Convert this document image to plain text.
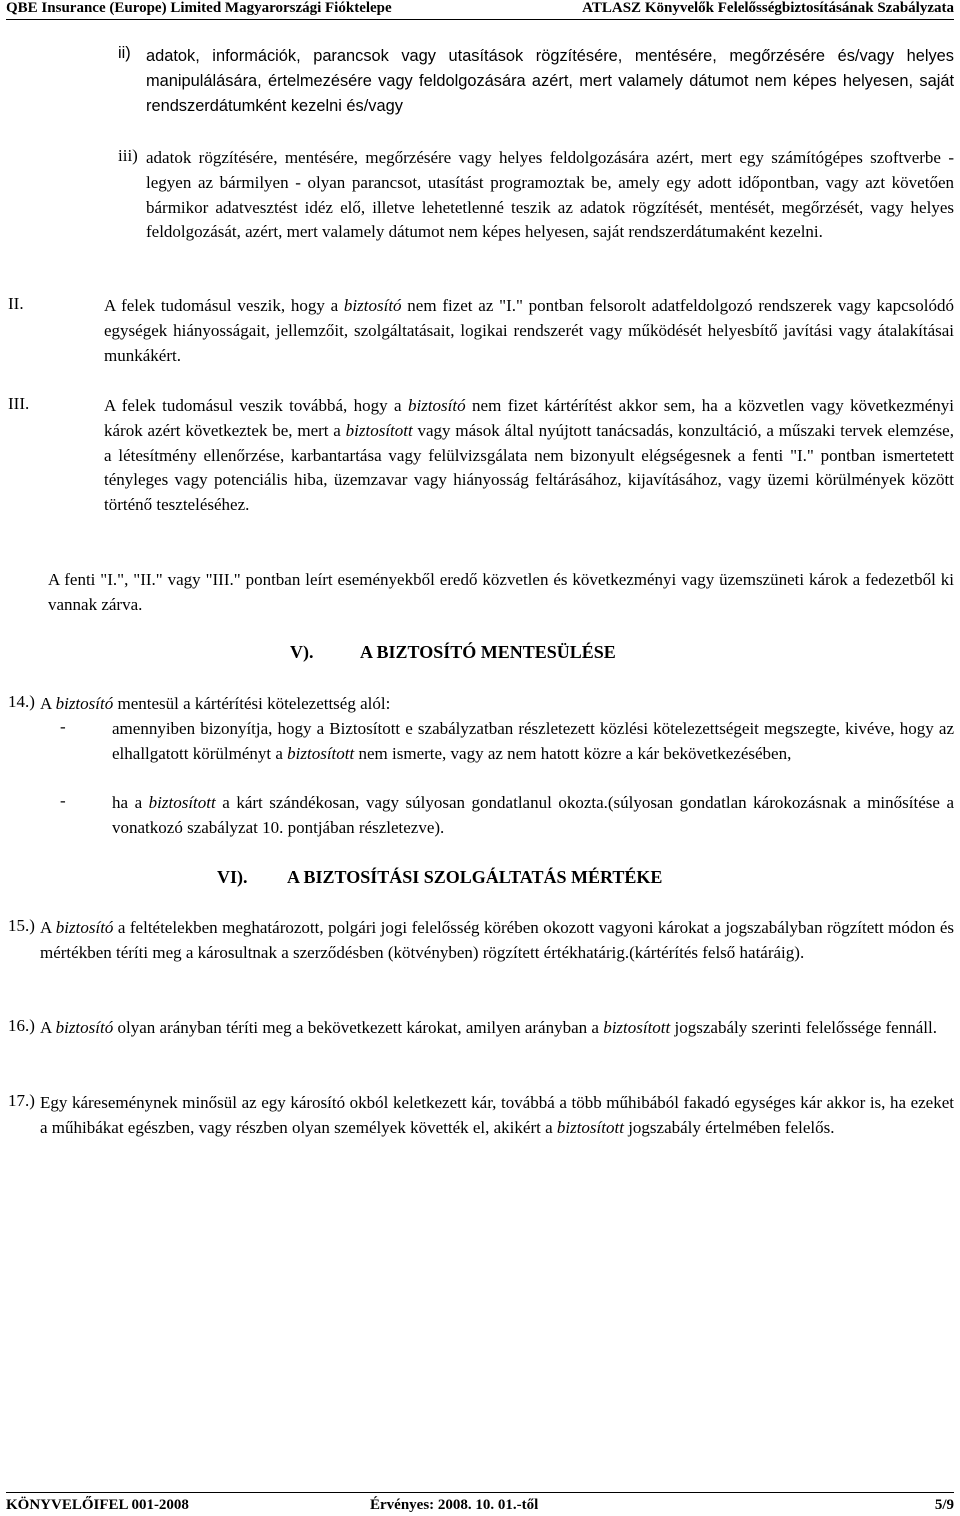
QBE Insurance (Europe) Limited Magyarországi Fióktelepe	ATLASZ Könyvelők Felelősségbiztosításának Szabályzata
ii) adatok, információk, parancsok vagy utasítások rögzítésére, mentésére, megőrzésére és/vagy helyes manipulálására, értelmezésére vagy feldolgozására azért, mert valamely dátumot nem képes helyesen, saját rendszerdátumként kezelni és/vagy
iii) adatok rögzítésére, mentésére, megőrzésére vagy helyes feldolgozására azért, mert egy számítógépes szoftverbe - legyen az bármilyen - olyan parancsot, utasítást programoztak be, amely egy adott időpontban, vagy azt követően bármikor adatvesztést idéz elő, illetve lehetetlenné teszik az adatok rögzítését, mentését, megőrzését, vagy helyes feldolgozását, azért, mert valamely dátumot nem képes helyesen, saját rendszerdátumaként kezelni.
II.	A felek tudomásul veszik, hogy a biztosító nem fizet az "I." pontban felsorolt adatfeldolgozó rendszerek vagy kapcsolódó egységek hiányosságait, jellemzőit, szolgáltatásait, logikai rendszerét vagy működését helyesbítő javítási vagy átalakításai munkákért.
III.	A felek tudomásul veszik továbbá, hogy a biztosító nem fizet kártérítést akkor sem, ha a közvetlen vagy következményi károk azért következtek be, mert a biztosított vagy mások által nyújtott tanácsadás, konzultáció, a műszaki tervek elemzése, a létesítmény ellenőrzése, karbantartása vagy felülvizsgálata nem bizonyult elégségesnek a fenti "I." pontban ismertetett tényleges vagy potenciális hiba, üzemzavar vagy hiányosság feltárásához, kijavításához, vagy üzemi körülmények között történő teszteléséhez.
A fenti "I.", "II." vagy "III." pontban leírt eseményekből eredő közvetlen és következményi vagy üzemszüneti károk a fedezetből ki vannak zárva.
V).	A BIZTOSÍTÓ MENTESÜLÉSE
14.) A biztosító mentesül a kártérítési kötelezettség alól:
-	amennyiben bizonyítja, hogy a Biztosított e szabályzatban részletezett közlési kötelezettségeit megszegte, kivéve, hogy az elhallgatott körülményt a biztosított nem ismerte, vagy az nem hatott közre a kár bekövetkezésében,
-	ha a biztosított a kárt szándékosan, vagy súlyosan gondatlanul okozta.(súlyosan gondatlan károkozásnak a minősítése a vonatkozó szabályzat 10. pontjában részletezve).
VI). A BIZTOSÍTÁSI SZOLGÁLTATÁS MÉRTÉKE
15.) A biztosító a feltételekben meghatározott, polgári jogi felelősség körében okozott vagyoni károkat a jogszabályban rögzített módon és mértékben téríti meg a károsultnak a szerződésben (kötvényben) rögzített értékhatárig.(kártérítés felső határáig).
16.) A biztosító olyan arányban téríti meg a bekövetkezett károkat, amilyen arányban a biztosított jogszabály szerinti felelőssége fennáll.
17.) Egy káreseménynek minősül az egy károsító okból keletkezett kár, továbbá a több műhibából fakadó egységes kár akkor is, ha ezeket a műhibákat egészben, vagy részben olyan személyek követték el, akikért a biztosított jogszabály értelmében felelős.
KÖNYVELŐIFEL 001-2008	Érvényes: 2008. 10. 01.-től	5/9
